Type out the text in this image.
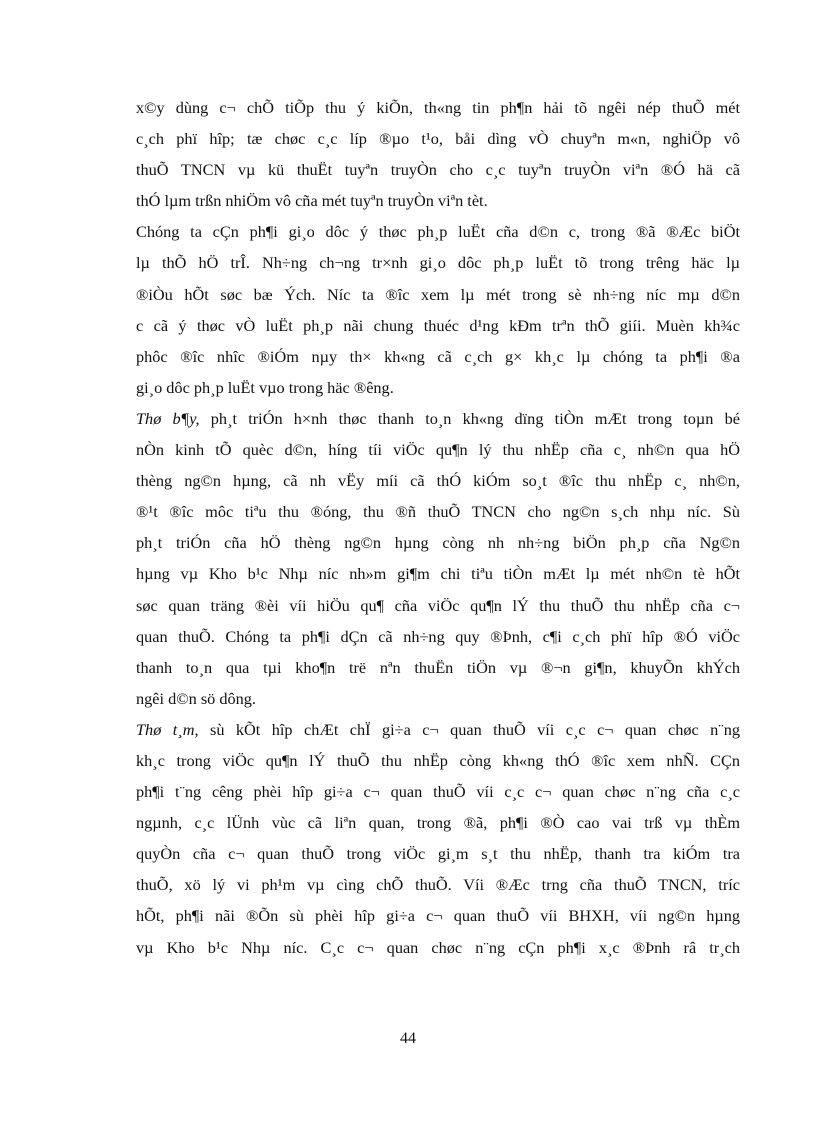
x©y dùng c¬ chÕ tiÕp thu ý kiÕn, th«ng tin ph¶n hải tõ ngêi nép thuÕ mét
c¸ch phï hîp; tæ chøc c¸c líp ®µo t¹o, båi dìng vÒ chuyªn m«n, nghiÖp vô
thuÕ TNCN vµ kü thuËt tuyªn truyÒn cho c¸c tuyªn truyÒn viªn ®Ó hä cã
thÓ lµm trßn nhiÖm vô cña mét tuyªn truyÒn viªn tèt.
Chóng ta cÇn ph¶i gi¸o dôc ý thøc ph¸p luËt cña d©n c, trong ®ã ®Æc biÖt
lµ thÕ hÖ trÎ. Nh÷ng ch¬ng tr×nh gi¸o dôc ph¸p luËt tõ trong trêng häc lµ
®iÒu hÕt søc bæ Ých. Níc ta ®îc xem lµ mét trong sè nh÷ng níc mµ d©n
c cã ý thøc vÒ luËt ph¸p nãi chung thuéc d¹ng kÐm trªn thÕ giíi. Muèn kh¾c
phôc ®îc nhîc ®iÓm nµy th× kh«ng cã c¸ch g× kh¸c lµ chóng ta ph¶i ®a
gi¸o dôc ph¸p luËt vµo trong häc ®êng.
Thø b¶y, ph¸t triÓn h×nh thøc thanh to¸n kh«ng dïng tiÒn mÆt trong toµn bé
nÒn kinh tÕ quèc d©n, híng tíi viÖc qu¶n lý thu nhËp cña c¸ nh©n qua hÖ
thèng ng©n hµng, cã nh vËy míi cã thÓ kiÓm so¸t ®îc thu nhËp c¸ nh©n,
®¹t ®îc môc tiªu thu ®óng, thu ®ñ thuÕ TNCN cho ng©n s¸ch nhµ níc. Sù
ph¸t triÓn cña hÖ thèng ng©n hµng còng nh nh÷ng biÖn ph¸p cña Ng©n
hµng vµ Kho b¹c Nhµ níc nh»m gi¶m chi tiªu tiÒn mÆt lµ mét nh©n tè hÕt
søc quan träng ®èi víi hiÖu qu¶ cña viÖc qu¶n lÝ thu thuÕ thu nhËp cña c¬
quan thuÕ. Chóng ta ph¶i dÇn cã nh÷ng quy ®Þnh, c¶i c¸ch phï hîp ®Ó viÖc
thanh to¸n qua tµi kho¶n trë nªn thuËn tiÖn vµ ®¬n gi¶n, khuyÕn khÝch
ngêi d©n sö dông.
Thø t¸m, sù kÕt hîp chÆt chÏ gi÷a c¬ quan thuÕ víi c¸c c¬ quan chøc n¨ng
kh¸c trong viÖc qu¶n lÝ thuÕ thu nhËp còng kh«ng thÓ ®îc xem nhÑ. CÇn
ph¶i t¨ng cêng phèi hîp gi÷a c¬ quan thuÕ víi c¸c c¬ quan chøc n¨ng cña c¸c
ngµnh, c¸c lÜnh vùc cã liªn quan, trong ®ã, ph¶i ®Ò cao vai trß vµ thÈm
quyÒn cña c¬ quan thuÕ trong viÖc gi¸m s¸t thu nhËp, thanh tra kiÓm tra
thuÕ, xö lý vi ph¹m vµ cìng chÕ thuÕ. Víi ®Æc trng cña thuÕ TNCN, tríc
hÕt, ph¶i nãi ®Õn sù phèi hîp gi÷a c¬ quan thuÕ víi BHXH, víi ng©n hµng
vµ Kho b¹c Nhµ níc. C¸c c¬ quan chøc n¨ng cÇn ph¶i x¸c ®Þnh râ tr¸ch
44
